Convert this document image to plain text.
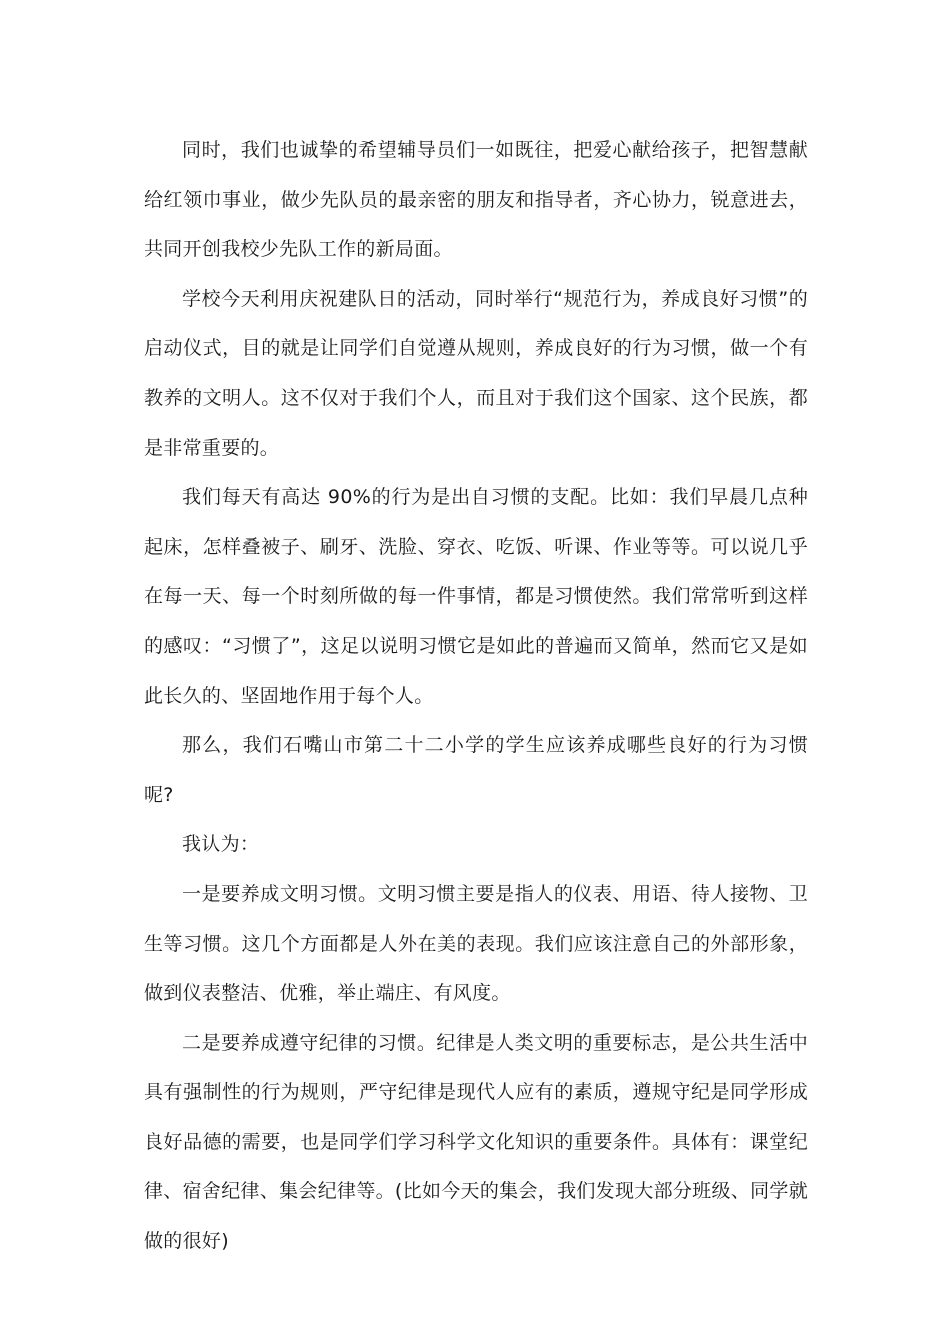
同时，我们也诚挚的希望辅导员们一如既往，把爱心献给孩子，把智慧献给红领巾事业，做少先队员的最亲密的朋友和指导者，齐心协力，锐意进去，共同开创我校少先队工作的新局面。

学校今天利用庆祝建队日的活动，同时举行“规范行为，养成良好习惯”的启动仪式，目的就是让同学们自觉遵从规则，养成良好的行为习惯，做一个有教养的文明人。这不仅对于我们个人，而且对于我们这个国家、这个民族，都是非常重要的。

我们每天有高达 90%的行为是出自习惯的支配。比如：我们早晨几点种起床，怎样叠被子、刷牙、洗脸、穿衣、吃饭、听课、作业等等。可以说几乎在每一天、每一个时刻所做的每一件事情，都是习惯使然。我们常常听到这样的感叹：“习惯了”，这足以说明习惯它是如此的普遍而又简单，然而它又是如此长久的、坚固地作用于每个人。

那么，我们石嘴山市第二十二小学的学生应该养成哪些良好的行为习惯呢?

我认为：

一是要养成文明习惯。文明习惯主要是指人的仪表、用语、待人接物、卫生等习惯。这几个方面都是人外在美的表现。我们应该注意自己的外部形象，做到仪表整洁、优雅，举止端庄、有风度。

二是要养成遵守纪律的习惯。纪律是人类文明的重要标志，是公共生活中具有强制性的行为规则，严守纪律是现代人应有的素质，遵规守纪是同学形成良好品德的需要，也是同学们学习科学文化知识的重要条件。具体有：课堂纪律、宿舍纪律、集会纪律等。(比如今天的集会，我们发现大部分班级、同学就做的很好)
